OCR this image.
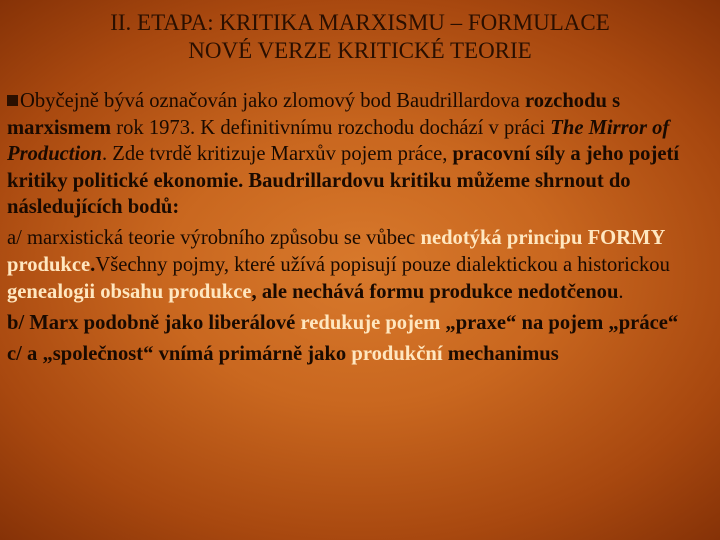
II. ETAPA: KRITIKA MARXISMU – FORMULACE
NOVÉ VERZE KRITICKÉ TEORIE
Obyčejně bývá označován jako zlomový bod Baudrillardova rozchodu s marxismem rok 1973. K definitivnímu rozchodu dochází v práci The Mirror of Production. Zde tvrdě kritizuje Marxův pojem práce, pracovní síly a jeho pojetí kritiky politické ekonomie. Baudrillardovu kritiku můžeme shrnout do následujících bodů:
a/ marxistická teorie výrobního způsobu se vůbec nedotýká principu FORMY produkce.Všechny pojmy, které užívá popisují pouze dialektickou a historickou genealogii obsahu produkce, ale nechává formu produkce nedotčenou.
b/ Marx podobně jako liberálové redukuje pojem „praxe“ na pojem „práce“
c/ a „společnost“ vnímá primárně jako produkční mechanimus
